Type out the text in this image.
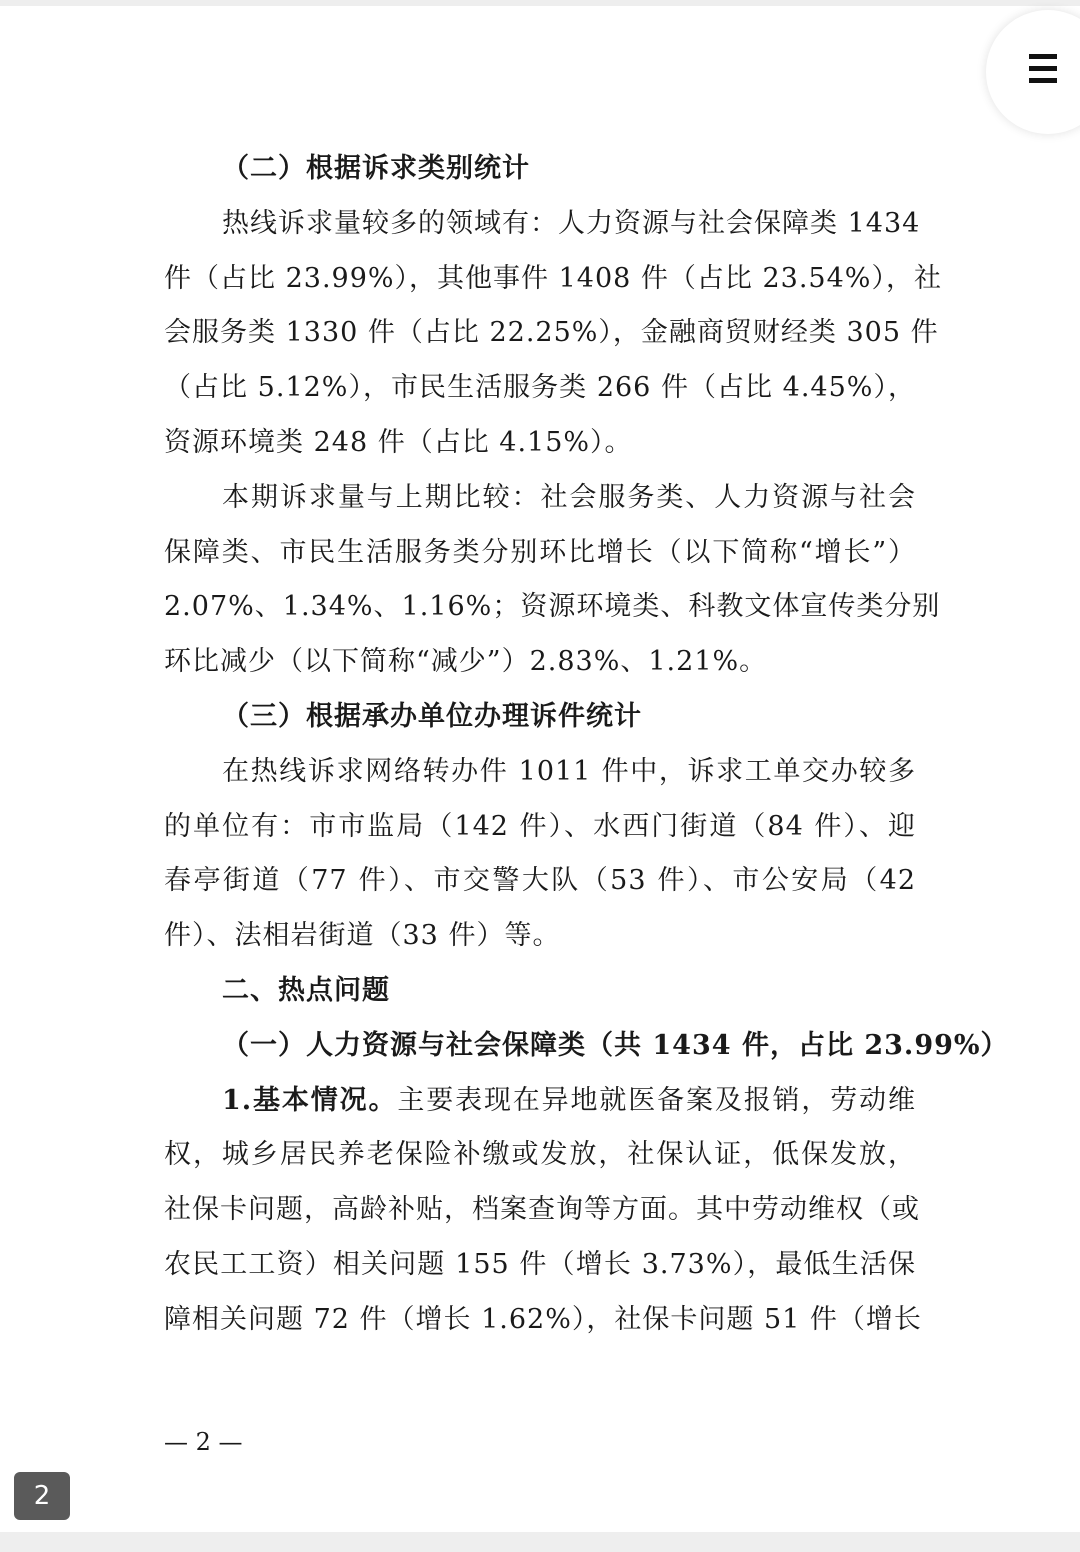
（二）根据诉求类别统计
热线诉求量较多的领域有：人力资源与社会保障类 1434
件（占比 23.99%），其他事件 1408 件（占比 23.54%），社
会服务类 1330 件（占比 22.25%），金融商贸财经类 305 件
（占比 5.12%），市民生活服务类 266 件（占比 4.45%），
资源环境类 248 件（占比 4.15%）。
本期诉求量与上期比较：社会服务类、人力资源与社会
保障类、市民生活服务类分别环比增长（以下简称“增长”）
2.07%、1.34%、1.16%；资源环境类、科教文体宣传类分别
环比减少（以下简称“减少”）2.83%、1.21%。
（三）根据承办单位办理诉件统计
在热线诉求网络转办件 1011 件中，诉求工单交办较多
的单位有：市市监局（142 件）、水西门街道（84 件）、迎
春亭街道（77 件）、市交警大队（53 件）、市公安局（42
件）、法相岩街道（33 件）等。
二、热点问题
（一）人力资源与社会保障类（共 1434 件，占比 23.99%）
1.基本情况。主要表现在异地就医备案及报销，劳动维
权，城乡居民养老保险补缴或发放，社保认证，低保发放，
社保卡问题，高龄补贴，档案查询等方面。其中劳动维权（或
农民工工资）相关问题 155 件（增长 3.73%），最低生活保
障相关问题 72 件（增长 1.62%），社保卡问题 51 件（增长
— 2 —
2
